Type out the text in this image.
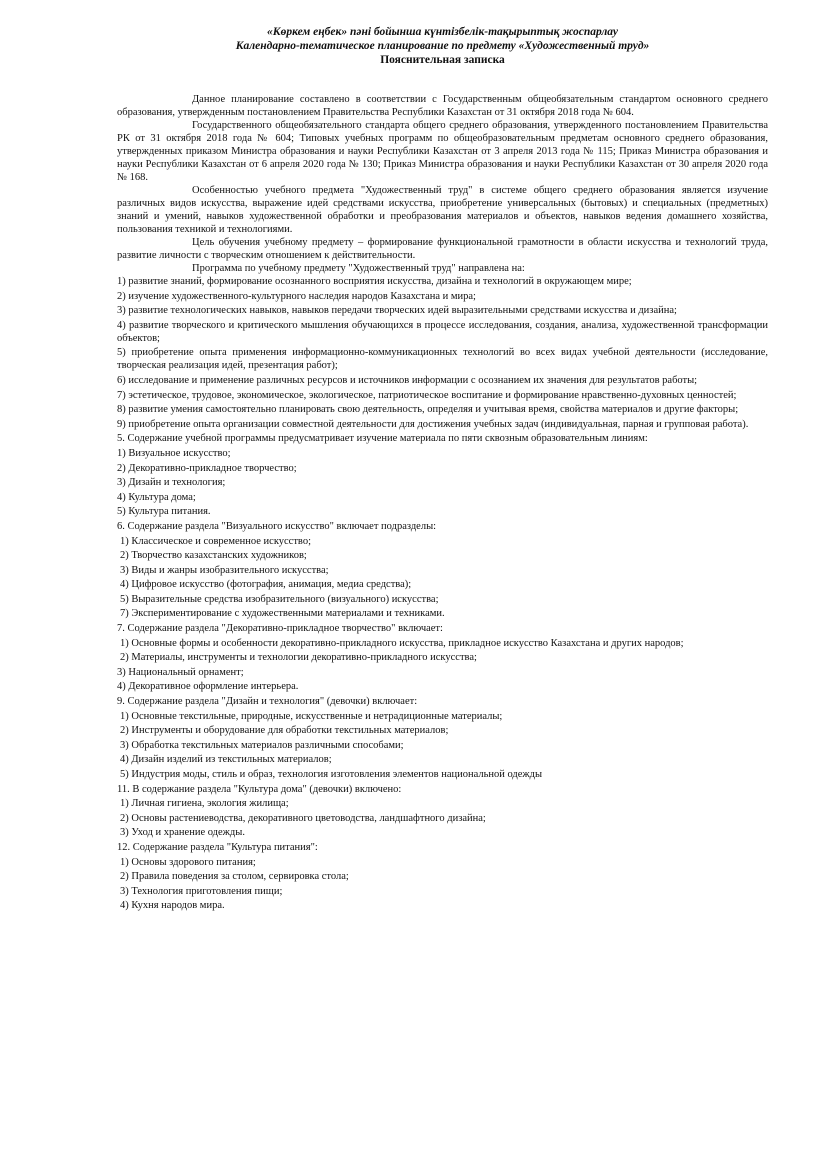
«Көркем еңбек» пәні бойынша күнтізбелік-тақырыптық жоспарлау
Календарно-тематическое планирование по предмету «Художественный труд»
Пояснительная записка

Данное планирование составлено в соответствии с Государственным общеобязательным стандартом основного среднего образования, утвержденным постановлением Правительства Республики Казахстан от 31 октября 2018 года № 604.

Государственного общеобязательного стандарта общего среднего образования, утвержденного постановлением Правительства РК от 31 октября 2018 года № 604; Типовых учебных программ по общеобразовательным предметам основного среднего образования, утвержденных приказом Министра образования и науки Республики Казахстан от 3 апреля 2013 года № 115; Приказ Министра образования и науки Республики Казахстан от 6 апреля 2020 года № 130; Приказ Министра образования и науки Республики Казахстан от 30 апреля 2020 года № 168.

Особенностью учебного предмета "Художественный труд" в системе общего среднего образования является изучение различных видов искусства, выражение идей средствами искусства, приобретение универсальных (бытовых) и специальных (предметных) знаний и умений, навыков художественной обработки и преобразования материалов и объектов, навыков ведения домашнего хозяйства, пользования техникой и технологиями.

Цель обучения учебному предмету – формирование функциональной грамотности в области искусства и технологий труда, развитие личности с творческим отношением к действительности.

Программа по учебному предмету "Художественный труд" направлена на:

1) развитие знаний, формирование осознанного восприятия искусства, дизайна и технологий в окружающем мире;

2) изучение художественного-культурного наследия народов Казахстана и мира;

3) развитие технологических навыков, навыков передачи творческих идей выразительными средствами искусства и дизайна;

4) развитие творческого и критического мышления обучающихся в процессе исследования, создания, анализа, художественной трансформации объектов;

5) приобретение опыта применения информационно-коммуникационных технологий во всех видах учебной деятельности (исследование, творческая реализация идей, презентация работ);

6) исследование и применение различных ресурсов и источников информации с осознанием их значения для результатов работы;

7) эстетическое, трудовое, экономическое, экологическое, патриотическое воспитание и формирование нравственно-духовных ценностей;

8) развитие умения самостоятельно планировать свою деятельность, определяя и учитывая время, свойства материалов и другие факторы;

9) приобретение опыта организации совместной деятельности для достижения учебных задач (индивидуальная, парная и групповая работа).

5. Содержание учебной программы предусматривает изучение материала по пяти сквозным образовательным линиям:

1) Визуальное искусство;

2) Декоративно-прикладное творчество;

3) Дизайн и технология;

4) Культура дома;

5) Культура питания.

6. Содержание раздела "Визуального искусство" включает подразделы:

1) Классическое и современное искусство;

2) Творчество казахстанских художников;

3) Виды и жанры изобразительного искусства;

4) Цифровое искусство (фотография, анимация, медиа средства);

5) Выразительные средства изобразительного (визуального) искусства;

7) Экспериментирование с художественными материалами и техниками.

7. Содержание раздела "Декоративно-прикладное творчество" включает:

1) Основные формы и особенности декоративно-прикладного искусства, прикладное искусство Казахстана и других народов;

2) Материалы, инструменты и технологии декоративно-прикладного искусства;

3) Национальный орнамент;

4) Декоративное оформление интерьера.

9. Содержание раздела "Дизайн и технология" (девочки) включает:

1) Основные текстильные, природные, искусственные и нетрадиционные материалы;

2) Инструменты и оборудование для обработки текстильных материалов;

3) Обработка текстильных материалов различными способами;

4) Дизайн изделий из текстильных материалов;

5) Индустрия моды, стиль и образ, технология изготовления элементов национальной одежды

11. В содержание раздела "Культура дома" (девочки) включено:

1) Личная гигиена, экология жилища;

2) Основы растениеводства, декоративного цветоводства, ландшафтного дизайна;

3) Уход и хранение одежды.

12. Содержание раздела "Культура питания":

1) Основы здорового питания;

2) Правила поведения за столом, сервировка стола;

3) Технология приготовления пищи;

4) Кухня народов мира.
